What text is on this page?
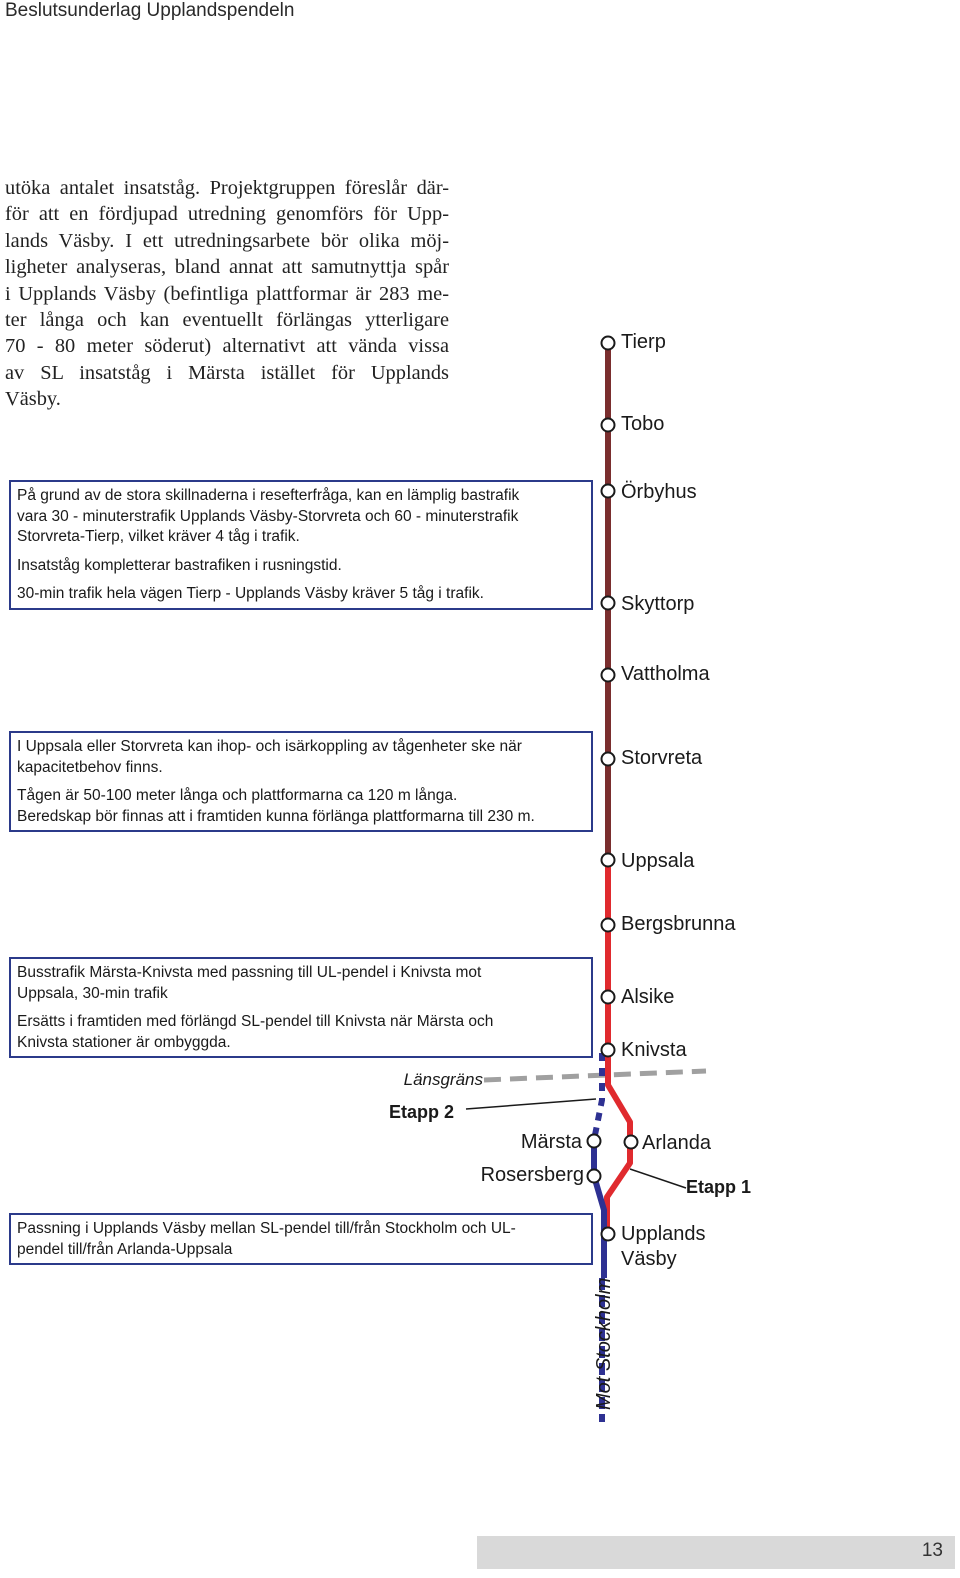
Beslutsunderlag Upplandspendeln
utöka antalet insatståg. Projektgruppen föreslår där-
för att en fördjupad utredning genomförs för Upp-
lands Väsby. I ett utredningsarbete bör olika möj-
ligheter analyseras, bland annat att samutnyttja spår
i Upplands Väsby (befintliga plattformar är 283 me-
ter långa och kan eventuellt förlängas ytterligare
70 - 80 meter söderut) alternativt att vända vissa
av SL insatståg i Märsta istället för Upplands
Väsby.

På grund av de stora skillnaderna i resefterfråga, kan en lämplig bastrafik
vara 30 - minuterstrafik Upplands Väsby-Storvreta och 60 - minuterstrafik
Storvreta-Tierp, vilket kräver 4 tåg i trafik.

Insatståg kompletterar bastrafiken i rusningstid.

30-min trafik hela vägen Tierp - Upplands Väsby kräver 5 tåg i trafik.

I Uppsala eller Storvreta kan ihop- och isärkoppling av tågenheter ske när
kapacitetbehov finns.

Tågen är 50-100 meter långa och plattformarna ca 120 m långa.
Beredskap bör finnas att i framtiden kunna förlänga plattformarna till 230 m.

Busstrafik Märsta-Knivsta med passning till UL-pendel i Knivsta mot
Uppsala, 30-min trafik

Ersätts i framtiden med förlängd SL-pendel till Knivsta när Märsta och
Knivsta stationer är ombyggda.

Passning i Upplands Väsby mellan SL-pendel till/från Stockholm och UL-
pendel till/från Arlanda-Uppsala

Tierp
Tobo
Örbyhus
Skyttorp
Vattholma
Storvreta
Uppsala
Bergsbrunna
Alsike
Knivsta
Märsta
Rosersberg
Arlanda
Upplands
Väsby
Länsgräns
Etapp 2
Etapp 1
Mot Stockholm
13
